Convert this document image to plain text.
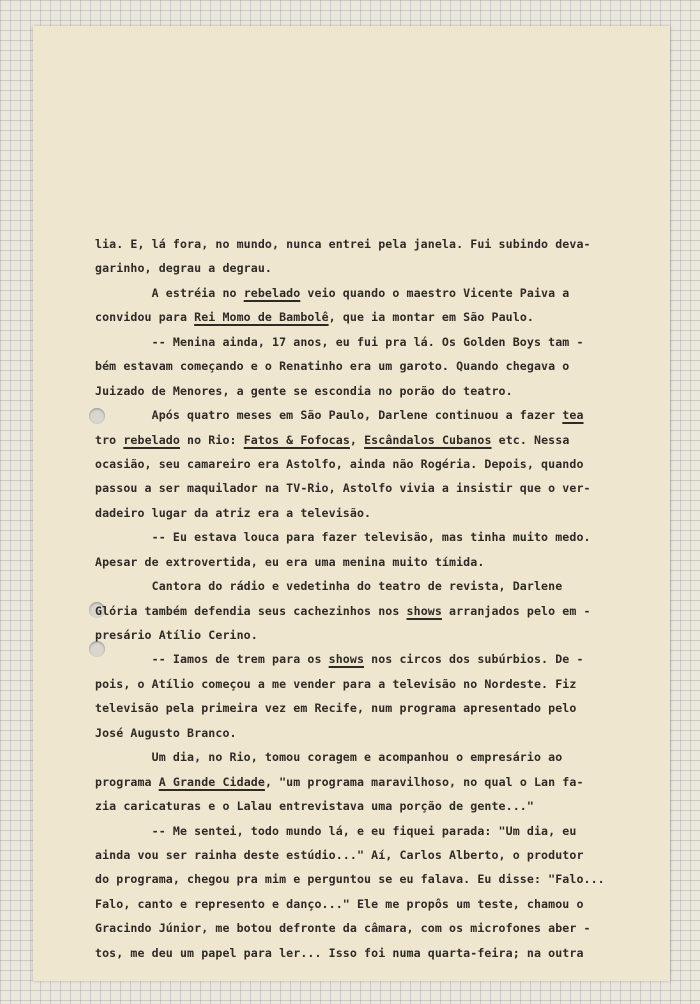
lia. E, lá fora, no mundo, nunca entrei pela janela. Fui subindo deva-
garinho, degrau a degrau.
A estréia no rebelado veio quando o maestro Vicente Paiva a
convidou para Rei Momo de Bambolê, que ia montar em São Paulo.
-- Menina ainda, 17 anos, eu fui pra lá. Os Golden Boys tam -
bém estavam começando e o Renatinho era um garoto. Quando chegava o
Juizado de Menores, a gente se escondia no porão do teatro.
Após quatro meses em São Paulo, Darlene continuou a fazer tea
tro rebelado no Rio: Fatos & Fofocas, Escândalos Cubanos etc. Nessa
ocasião, seu camareiro era Astolfo, ainda não Rogéria. Depois, quando
passou a ser maquilador na TV-Rio, Astolfo vivia a insistir que o ver-
dadeiro lugar da atriz era a televisão.
-- Eu estava louca para fazer televisão, mas tinha muito medo.
Apesar de extrovertida, eu era uma menina muito tímida.
Cantora do rádio e vedetinha do teatro de revista, Darlene
Glória também defendia seus cachezinhos nos shows arranjados pelo em -
presário Atílio Cerino.
-- Iamos de trem para os shows nos circos dos subúrbios. De -
pois, o Atílio começou a me vender para a televisão no Nordeste. Fiz
televisão pela primeira vez em Recife, num programa apresentado pelo
José Augusto Branco.
Um dia, no Rio, tomou coragem e acompanhou o empresário ao
programa A Grande Cidade, "um programa maravilhoso, no qual o Lan fa-
zia caricaturas e o Lalau entrevistava uma porção de gente..."
-- Me sentei, todo mundo lá, e eu fiquei parada: "Um dia, eu
ainda vou ser rainha deste estúdio..." Aí, Carlos Alberto, o produtor
do programa, chegou pra mim e perguntou se eu falava. Eu disse: "Falo...
Falo, canto e represento e danço..." Ele me propôs um teste, chamou o
Gracindo Júnior, me botou defronte da câmara, com os microfones aber -
tos, me deu um papel para ler... Isso foi numa quarta-feira; na outra
